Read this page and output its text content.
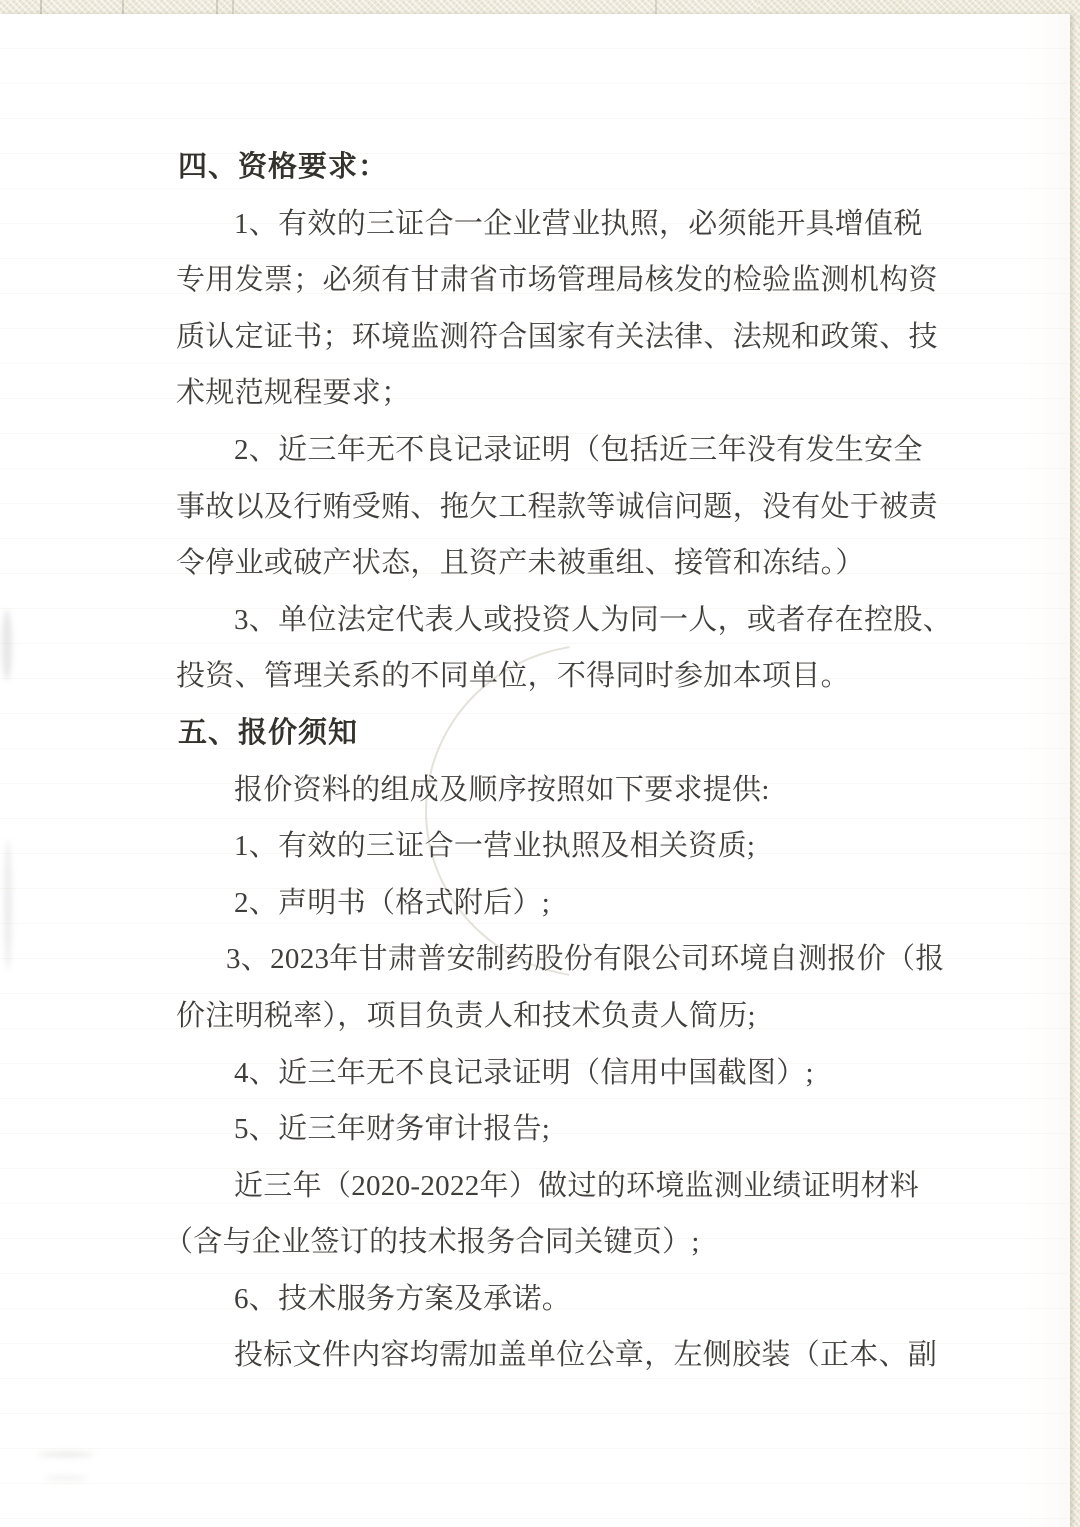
四、资格要求：
1、有效的三证合一企业营业执照，必须能开具增值税
专用发票；必须有甘肃省市场管理局核发的检验监测机构资
质认定证书；环境监测符合国家有关法律、法规和政策、技
术规范规程要求；
2、近三年无不良记录证明（包括近三年没有发生安全
事故以及行贿受贿、拖欠工程款等诚信问题，没有处于被责
令停业或破产状态，且资产未被重组、接管和冻结。）
3、单位法定代表人或投资人为同一人，或者存在控股、
投资、管理关系的不同单位，不得同时参加本项目。
五、报价须知
报价资料的组成及顺序按照如下要求提供:
1、有效的三证合一营业执照及相关资质;
2、声明书（格式附后）;
3、2023年甘肃普安制药股份有限公司环境自测报价（报
价注明税率），项目负责人和技术负责人简历;
4、近三年无不良记录证明（信用中国截图）;
5、近三年财务审计报告;
近三年（2020-2022年）做过的环境监测业绩证明材料
（含与企业签订的技术报务合同关键页）;
6、技术服务方案及承诺。
投标文件内容均需加盖单位公章，左侧胶装（正本、副
